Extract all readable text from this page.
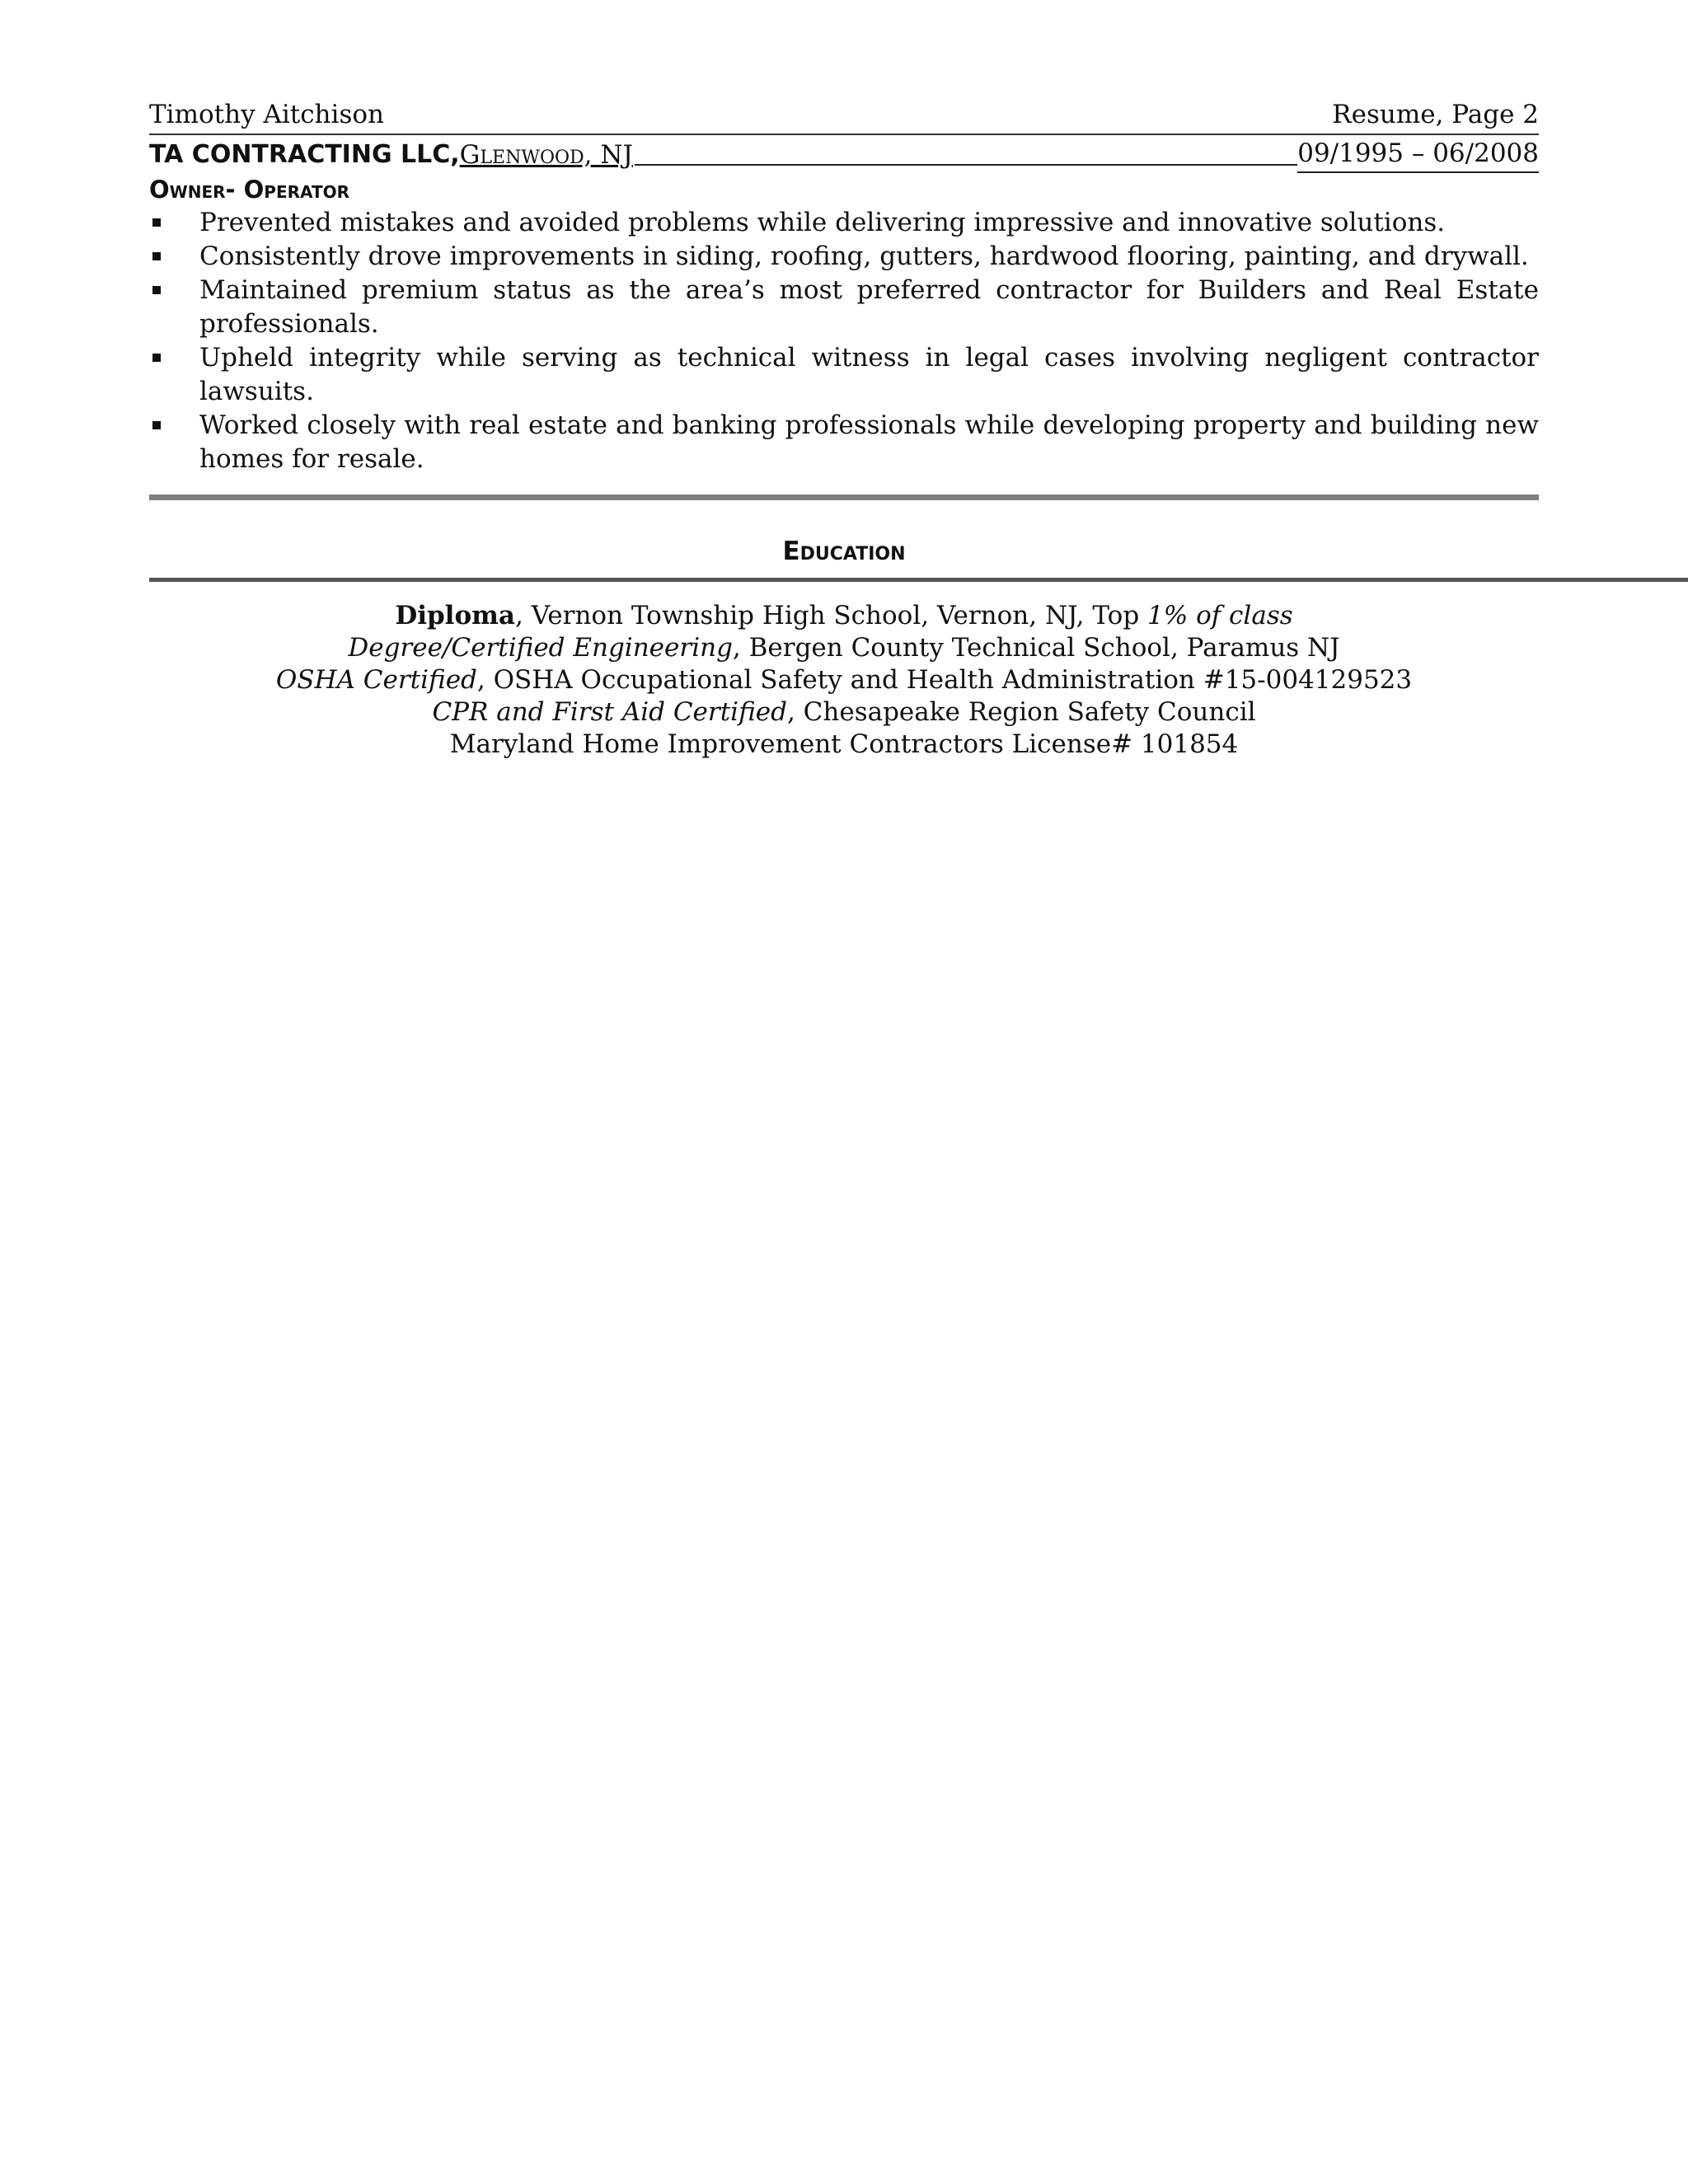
Timothy Aitchison	Resume, Page 2
TA CONTRACTING LLC, Glenwood, NJ	09/1995 – 06/2008
Owner- Operator
Prevented mistakes and avoided problems while delivering impressive and innovative solutions.
Consistently drove improvements in siding, roofing, gutters, hardwood flooring, painting, and drywall.
Maintained premium status as the area’s most preferred contractor for Builders and Real Estate professionals.
Upheld integrity while serving as technical witness in legal cases involving negligent contractor lawsuits.
Worked closely with real estate and banking professionals while developing property and building new homes for resale.
Education
Diploma, Vernon Township High School, Vernon, NJ, Top 1% of class
Degree/Certified Engineering, Bergen County Technical School, Paramus NJ
OSHA Certified, OSHA Occupational Safety and Health Administration #15-004129523
CPR and First Aid Certified, Chesapeake Region Safety Council
Maryland Home Improvement Contractors License# 101854
